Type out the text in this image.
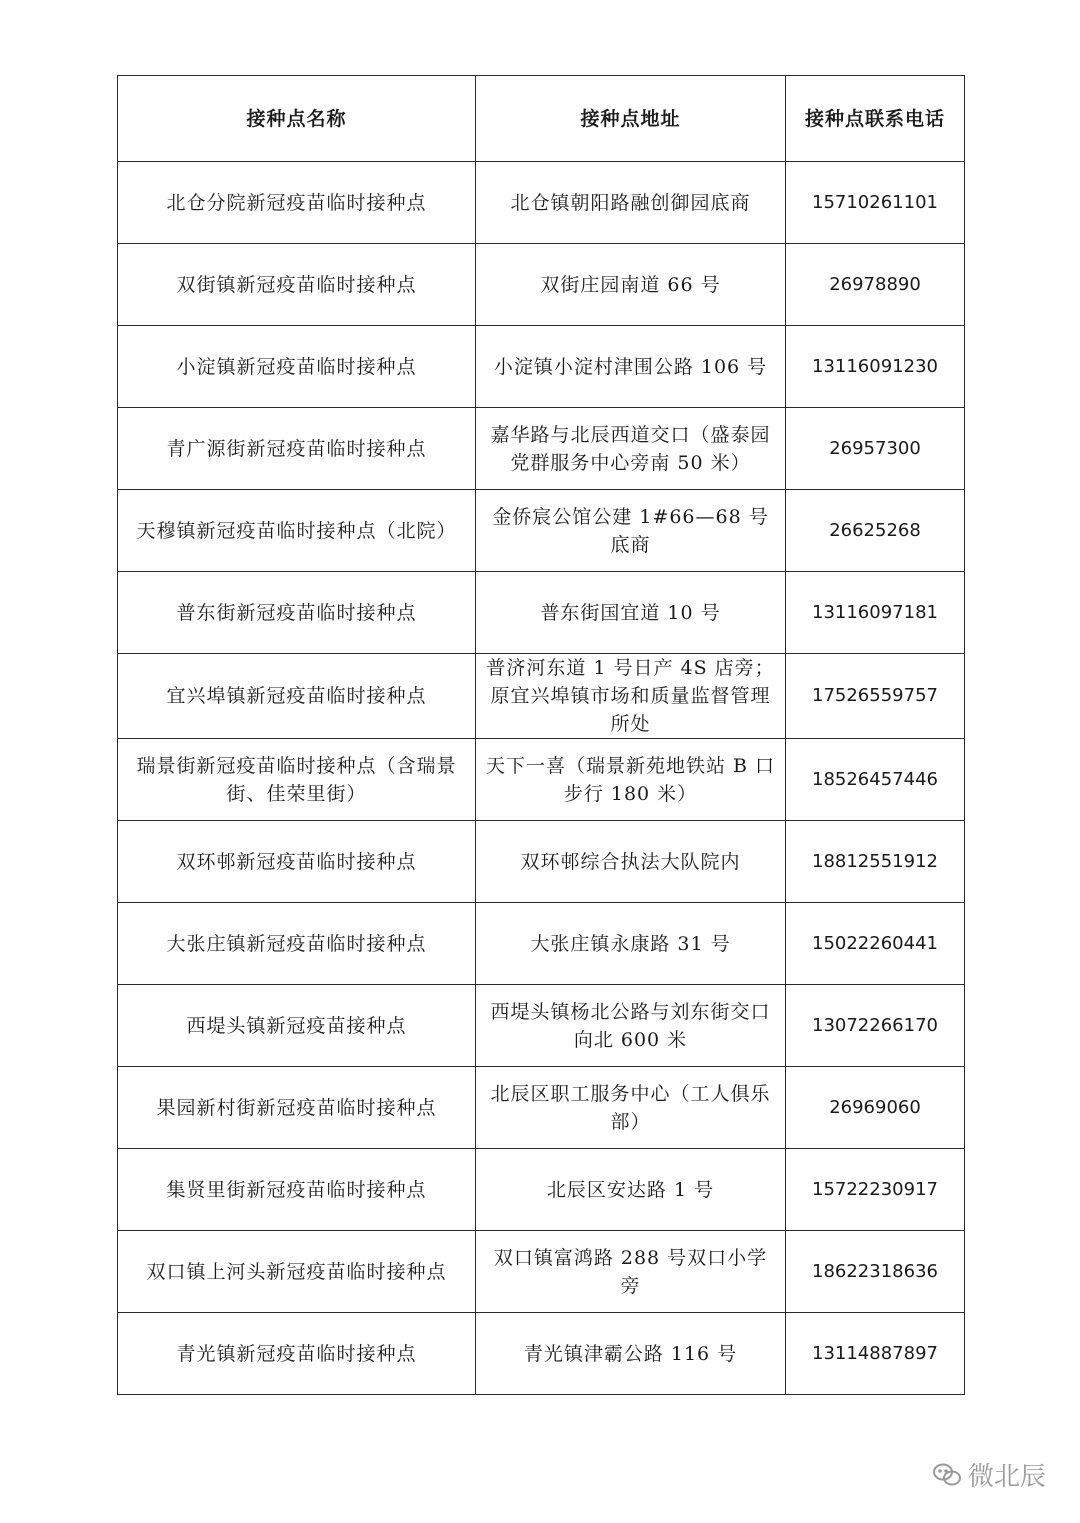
接种点名称	接种点地址	接种点联系电话
北仓分院新冠疫苗临时接种点	北仓镇朝阳路融创御园底商	15710261101
双街镇新冠疫苗临时接种点	双街庄园南道 66 号	26978890
小淀镇新冠疫苗临时接种点	小淀镇小淀村津围公路 106 号	13116091230
青广源街新冠疫苗临时接种点	嘉华路与北辰西道交口（盛泰园党群服务中心旁南 50 米）	26957300
天穆镇新冠疫苗临时接种点（北院）	金侨宸公馆公建 1#66—68 号底商	26625268
普东街新冠疫苗临时接种点	普东街国宜道 10 号	13116097181
宜兴埠镇新冠疫苗临时接种点	普济河东道 1 号日产 4S 店旁；原宜兴埠镇市场和质量监督管理所处	17526559757
瑞景街新冠疫苗临时接种点（含瑞景街、佳荣里街）	天下一喜（瑞景新苑地铁站 B 口步行 180 米）	18526457446
双环邨新冠疫苗临时接种点	双环邨综合执法大队院内	18812551912
大张庄镇新冠疫苗临时接种点	大张庄镇永康路 31 号	15022260441
西堤头镇新冠疫苗接种点	西堤头镇杨北公路与刘东街交口向北 600 米	13072266170
果园新村街新冠疫苗临时接种点	北辰区职工服务中心（工人俱乐部）	26969060
集贤里街新冠疫苗临时接种点	北辰区安达路 1 号	15722230917
双口镇上河头新冠疫苗临时接种点	双口镇富鸿路 288 号双口小学旁	18622318636
青光镇新冠疫苗临时接种点	青光镇津霸公路 116 号	13114887897
微北辰
